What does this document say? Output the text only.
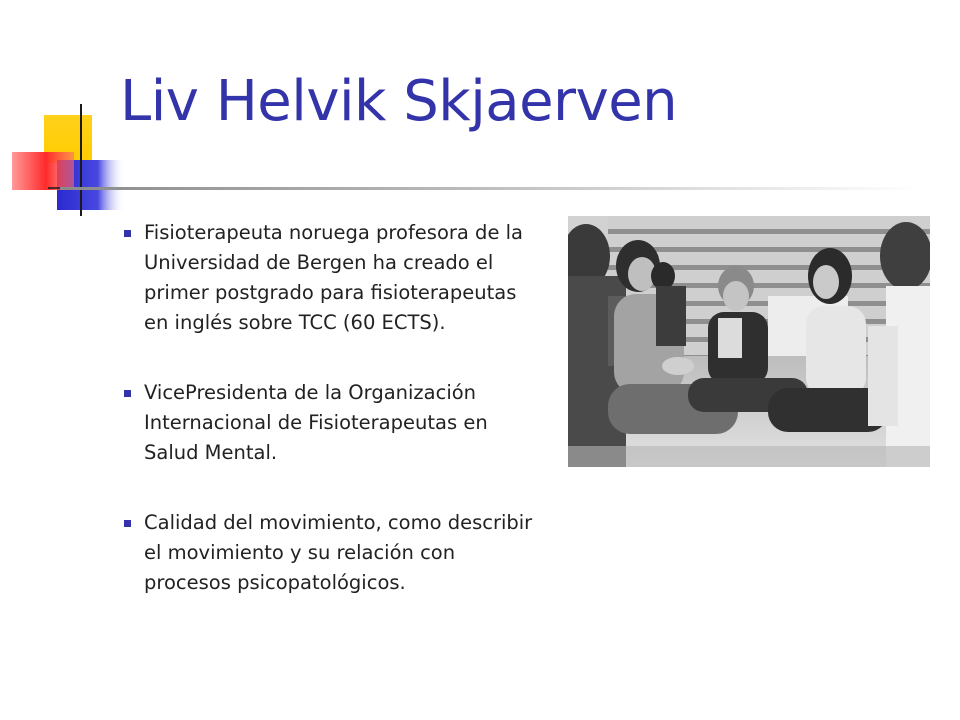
Liv Helvik Skjaerven
Fisioterapeuta noruega profesora de la Universidad de Bergen ha creado el primer postgrado para fisioterapeutas en inglés sobre TCC (60 ECTS).
VicePresidenta de la Organización Internacional de Fisioterapeutas en Salud Mental.
Calidad del movimiento, como describir el movimiento y su relación con procesos psicopatológicos.
